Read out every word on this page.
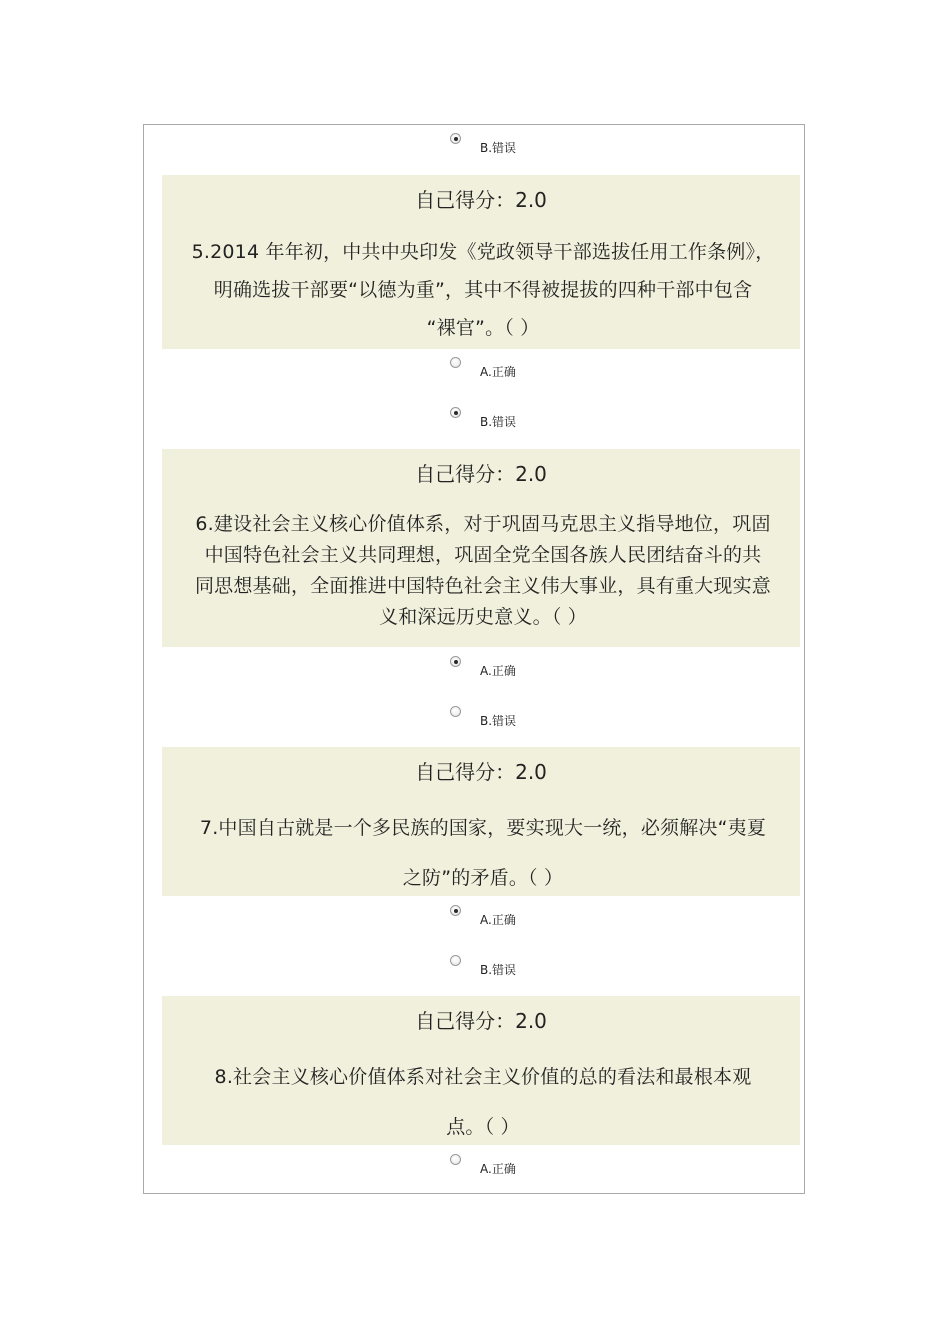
B.错误
自己得分：2.0
5.2014 年年初，中共中央印发《党政领导干部选拔任用工作条例》，
明确选拔干部要“以德为重”，其中不得被提拔的四种干部中包含
“裸官”。（ ）
A.正确
B.错误
自己得分：2.0
6.建设社会主义核心价值体系，对于巩固马克思主义指导地位，巩固
中国特色社会主义共同理想，巩固全党全国各族人民团结奋斗的共
同思想基础，全面推进中国特色社会主义伟大事业，具有重大现实意
义和深远历史意义。（ ）
A.正确
B.错误
自己得分：2.0
7.中国自古就是一个多民族的国家，要实现大一统，必须解决“夷夏
之防”的矛盾。（ ）
A.正确
B.错误
自己得分：2.0
8.社会主义核心价值体系对社会主义价值的总的看法和最根本观
点。（ ）
A.正确
